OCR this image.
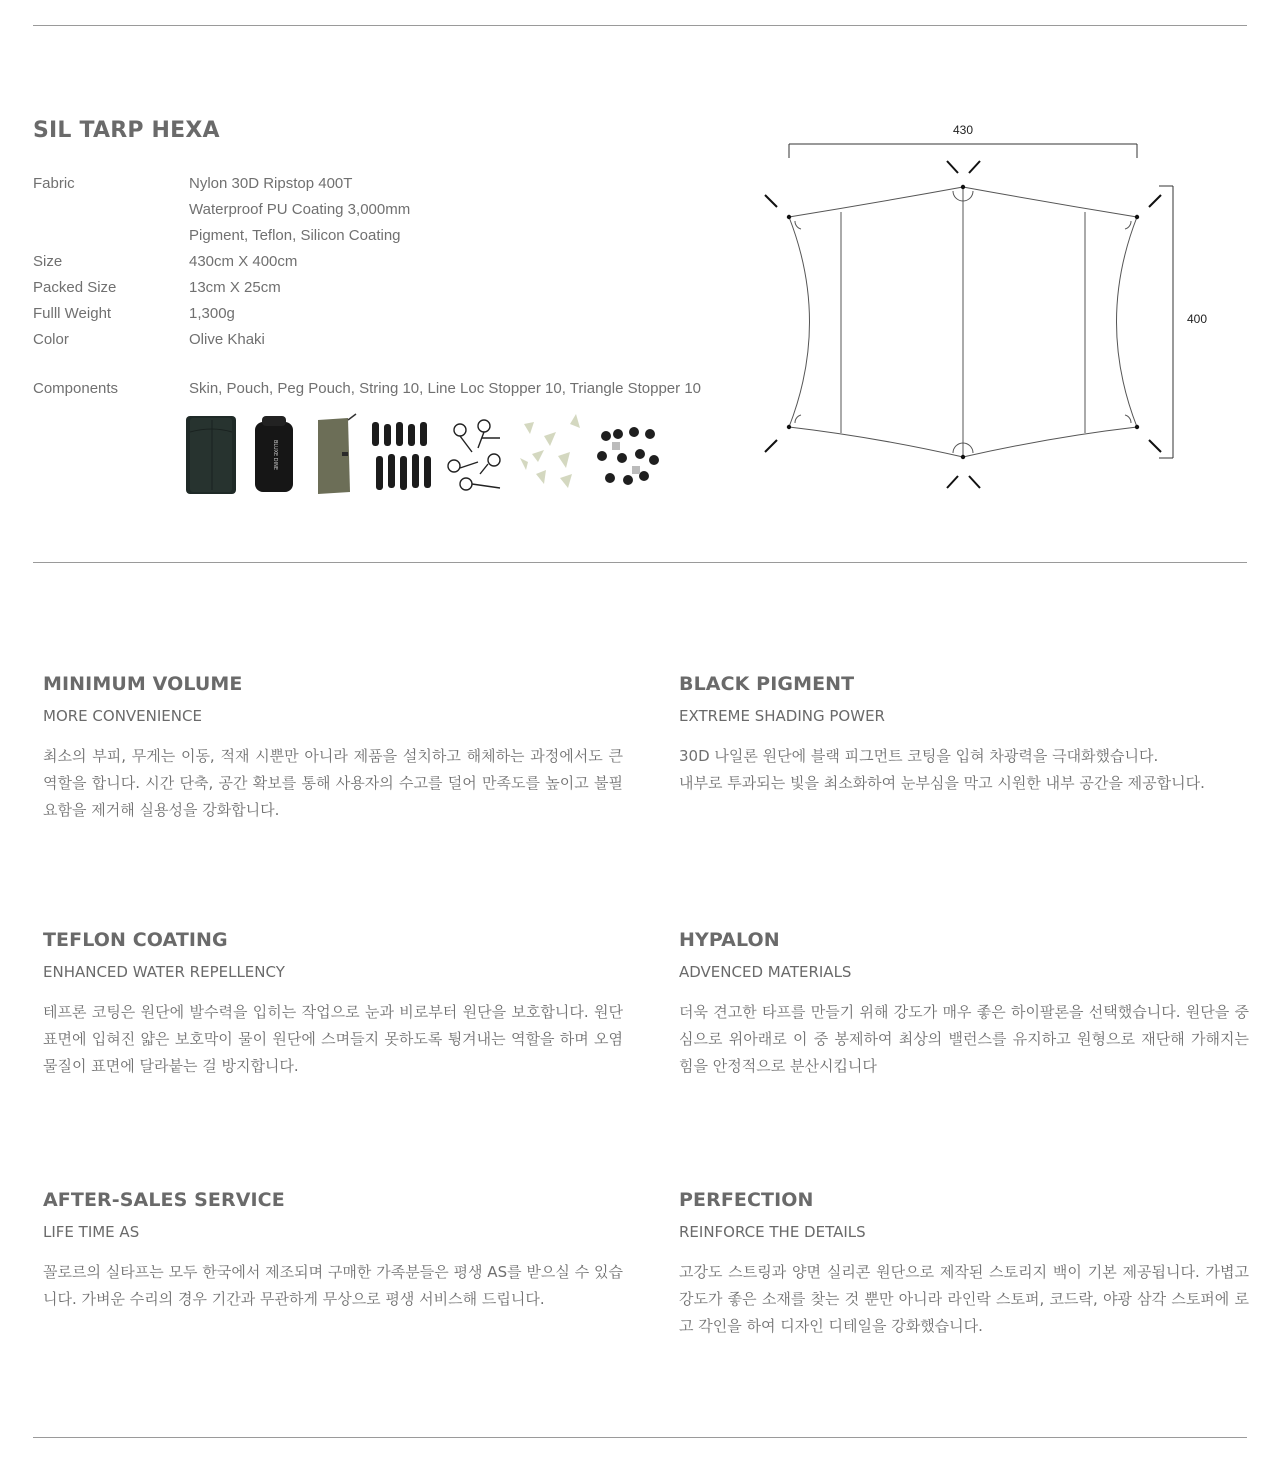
SIL TARP HEXA
Fabric	Nylon 30D Ripstop 400T
Waterproof PU Coating 3,000mm
Pigment, Teflon, Silicon Coating
Size	430cm X 400cm
Packed Size	13cm X 25cm
Fulll Weight	1,300g
Color	Olive Khaki
Components	Skin, Pouch, Peg Pouch, String 10, Line Loc Stopper 10, Triangle Stopper 10
BLUXE DINE
430
400
MINIMUM VOLUME
MORE CONVENIENCE

최소의 부피, 무게는 이동, 적재 시뿐만 아니라 제품을 설치하고 해체하는 과정에서도 큰 역할을 합니다. 시간 단축, 공간 확보를 통해 사용자의 수고를 덜어 만족도를 높이고 불필요함을 제거해 실용성을 강화합니다.

BLACK PIGMENT
EXTREME SHADING POWER

30D 나일론 원단에 블랙 피그먼트 코팅을 입혀 차광력을 극대화했습니다.
내부로 투과되는 빛을 최소화하여 눈부심을 막고 시원한 내부 공간을 제공합니다.

TEFLON COATING
ENHANCED WATER REPELLENCY

테프론 코팅은 원단에 발수력을 입히는 작업으로 눈과 비로부터 원단을 보호합니다. 원단 표면에 입혀진 얇은 보호막이 물이 원단에 스며들지 못하도록 튕겨내는 역할을 하며 오염물질이 표면에 달라붙는 걸 방지합니다.

HYPALON
ADVENCED MATERIALS

더욱 견고한 타프를 만들기 위해 강도가 매우 좋은 하이팔론을 선택했습니다. 원단을 중심으로 위아래로 이 중 봉제하여 최상의 밸런스를 유지하고 원형으로 재단해 가해지는 힘을 안정적으로 분산시킵니다

AFTER-SALES SERVICE
LIFE TIME AS

꼴로르의 실타프는 모두 한국에서 제조되며 구매한 가족분들은 평생 AS를 받으실 수 있습니다. 가벼운 수리의 경우 기간과 무관하게 무상으로 평생 서비스해 드립니다.

PERFECTION
REINFORCE THE DETAILS

고강도 스트링과 양면 실리콘 원단으로 제작된 스토리지 백이 기본 제공됩니다. 가볍고 강도가 좋은 소재를 찾는 것 뿐만 아니라 라인락 스토퍼, 코드락, 야광 삼각 스토퍼에 로고 각인을 하여 디자인 디테일을 강화했습니다.
